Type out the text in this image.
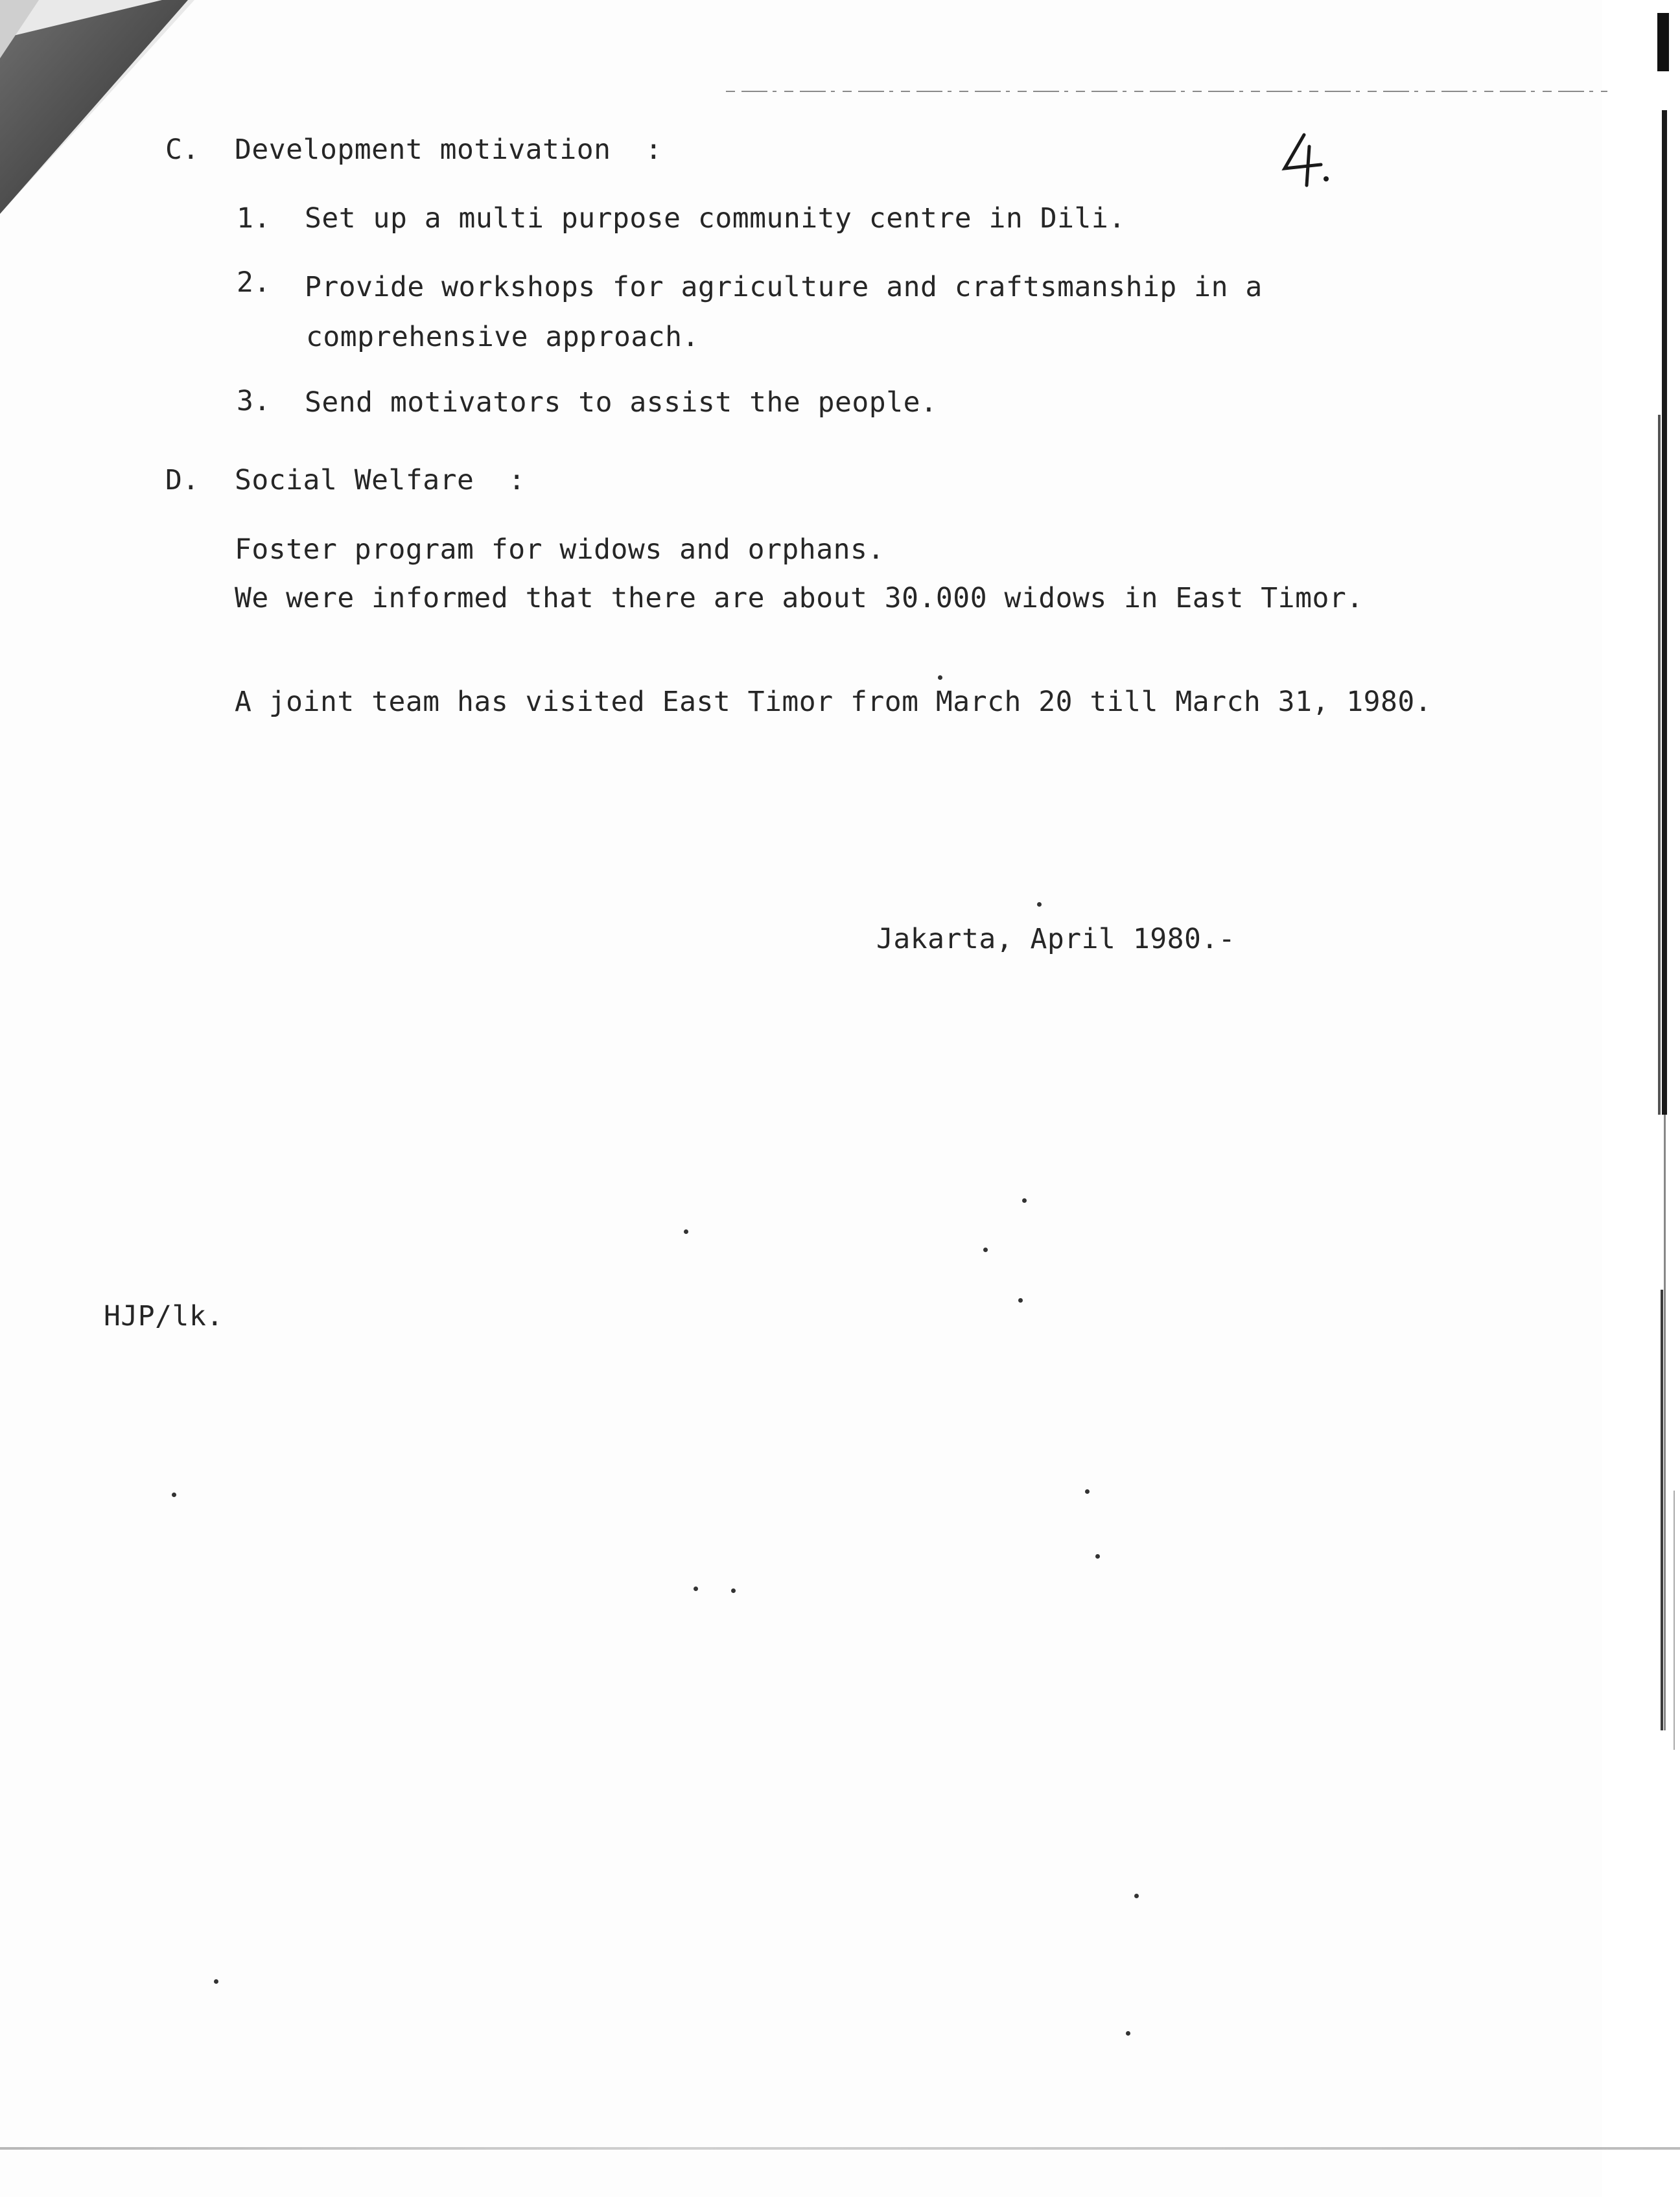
C. Development motivation  :
1. Set up a multi purpose community centre in Dili.
2. Provide workshops for agriculture and craftsmanship in a
comprehensive approach.
3. Send motivators to assist the people.
D. Social Welfare  :
Foster program for widows and orphans.
We were informed that there are about 30.000 widows in East Timor.
A joint team has visited East Timor from March 20 till March 31, 1980.
Jakarta, April 1980.-
HJP/lk.
